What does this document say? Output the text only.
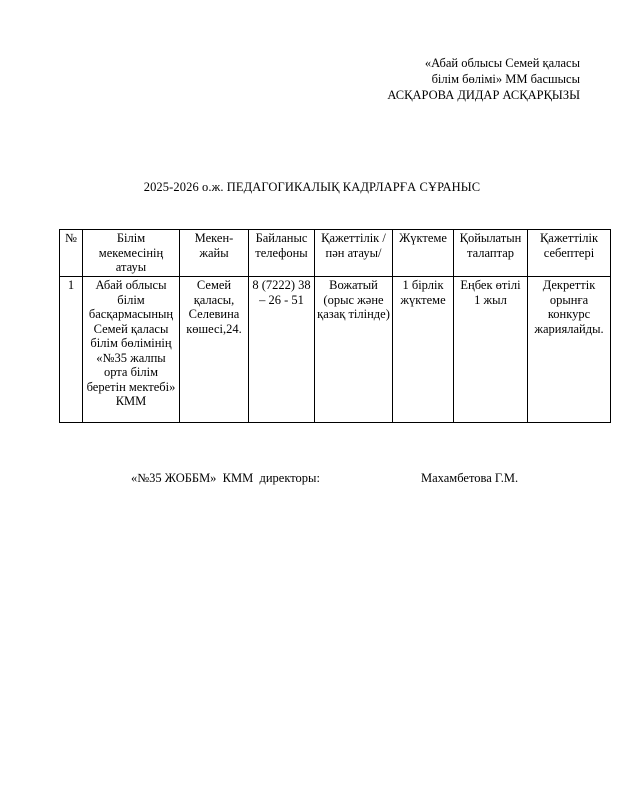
«Абай облысы Семей қаласы
білім бөлімі» ММ басшысы
АСҚАРОВА ДИДАР АСҚАРҚЫЗЫ
2025-2026 о.ж. ПЕДАГОГИКАЛЫҚ КАДРЛАРҒА СҰРАНЫС
№	Білім мекемесінің атауы	Мекен-жайы	Байланыс телефоны	Қажеттілік /пән атауы/	Жүктеме	Қойылатын талаптар	Қажеттілік себептері
1	Абай облысы білім басқармасының Семей қаласы білім бөлімінің «№35 жалпы орта білім беретін мектебі» КММ	Семей қаласы, Селевина көшесі,24.	8 (7222) 38 – 26 - 51	Вожатый (орыс және қазақ тілінде)	1 бірлік жүктеме	Еңбек өтілі 1 жыл	Декреттік орынға конкурс жариялайды.
«№35 ЖОББМ»  КММ  директоры:	Махамбетова Г.М.
